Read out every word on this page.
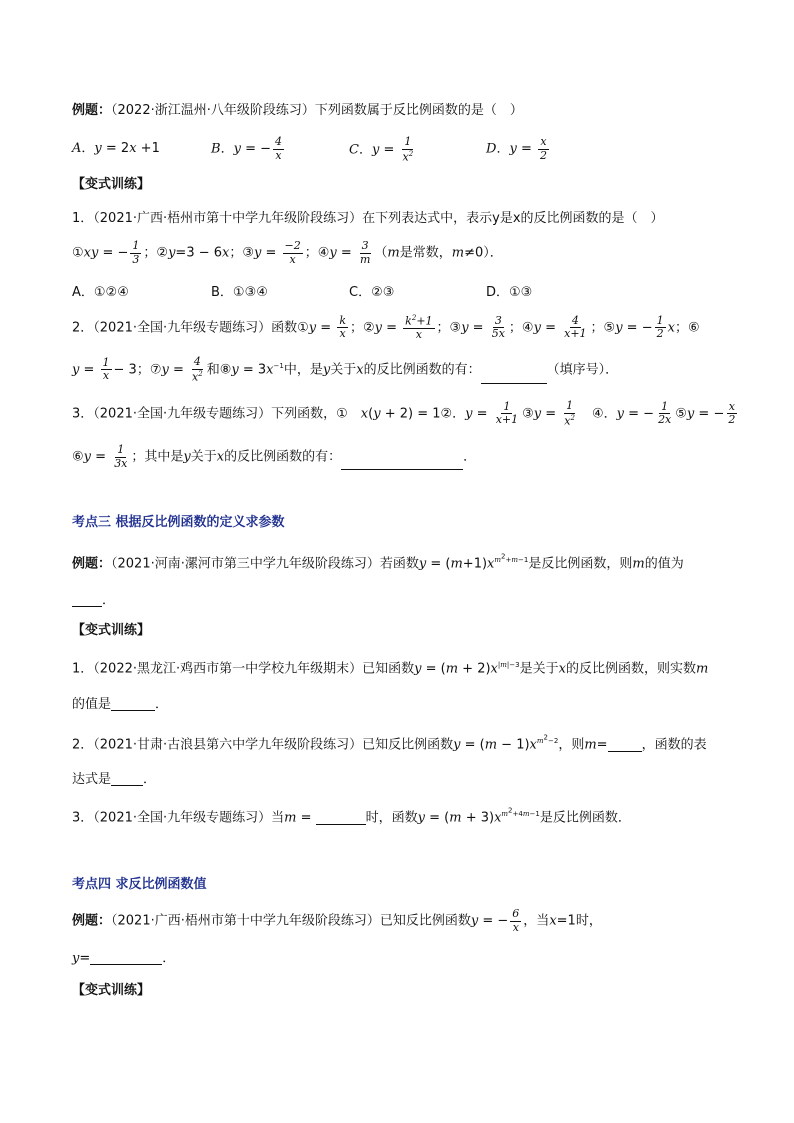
例题：（2022·浙江温州·八年级阶段练习）下列函数属于反比例函数的是（　）
A．y = 2x +1	B．y = − $\frac{4}{x}$	C．$y = \frac{1}{x^2}$	D．$y = \frac{x}{2}$
【变式训练】
1．（2021·广西·梧州市第十中学九年级阶段练习）在下列表达式中，表示y是x的反比例函数的是（　）
①xy = − $\frac{1}{3}$ ；②y=3 − 6x；③y = $\frac{-2}{x}$ ；④y = $\frac{3}{m} (m$是常数，m≠0）．
A．①②④	B．①③④	C．②③	D．①③
2．（2021·全国·九年级专题练习）函数①y = $\frac{k}{x}$ ；②y = $\frac{k^2+1}{x}$ ；③y = $\frac{3}{5x}$ ；④y = $\frac{4}{x+1}$ ；⑤y = − $\frac{1}{2}$ x；⑥
$y = \frac{1}{x} - 3$；⑦y = $\frac{4}{x^2}$ 和⑧y = $3x^{-1}$中，是y关于x的反比例函数的有：	（填序号）．
3．（2021·全国·九年级专题练习）下列函数，①　x(y + 2) = 1②．$y = \frac{1}{x+1}$ ③y = $\frac{1}{x^2}$ 　④．y = − $\frac{1}{2x}$ ⑤y = − $\frac{x}{2}$
⑥y = $\frac{1}{3x}$ ；其中是y关于x的反比例函数的有：	．
考点三 根据反比例函数的定义求参数
例题：（2021·河南·漯河市第三中学九年级阶段练习）若函数$y = (m+1)x^{m^2+m-1}$是反比例函数，则m的值为
．
【变式训练】
1．（2022·黑龙江·鸡西市第一中学校九年级期末）已知函数$y = (m + 2)x^{|m|-3}$是关于x的反比例函数，则实数m
的值是	．
2．（2021·甘肃·古浪县第六中学九年级阶段练习）已知反比例函数$y = (m - 1)x^{m^2-2}$，则m=	，函数的表
达式是 ．
3．（2021·全国·九年级专题练习）当m =	时，函数$y = (m + 3)x^{m^2+4m-1}$是反比例函数．
考点四 求反比例函数值
例题：（2021·广西·梧州市第十中学九年级阶段练习）已知反比例函数y = − $\frac{6}{x}$ ，当x=1时，
y=	．
【变式训练】
